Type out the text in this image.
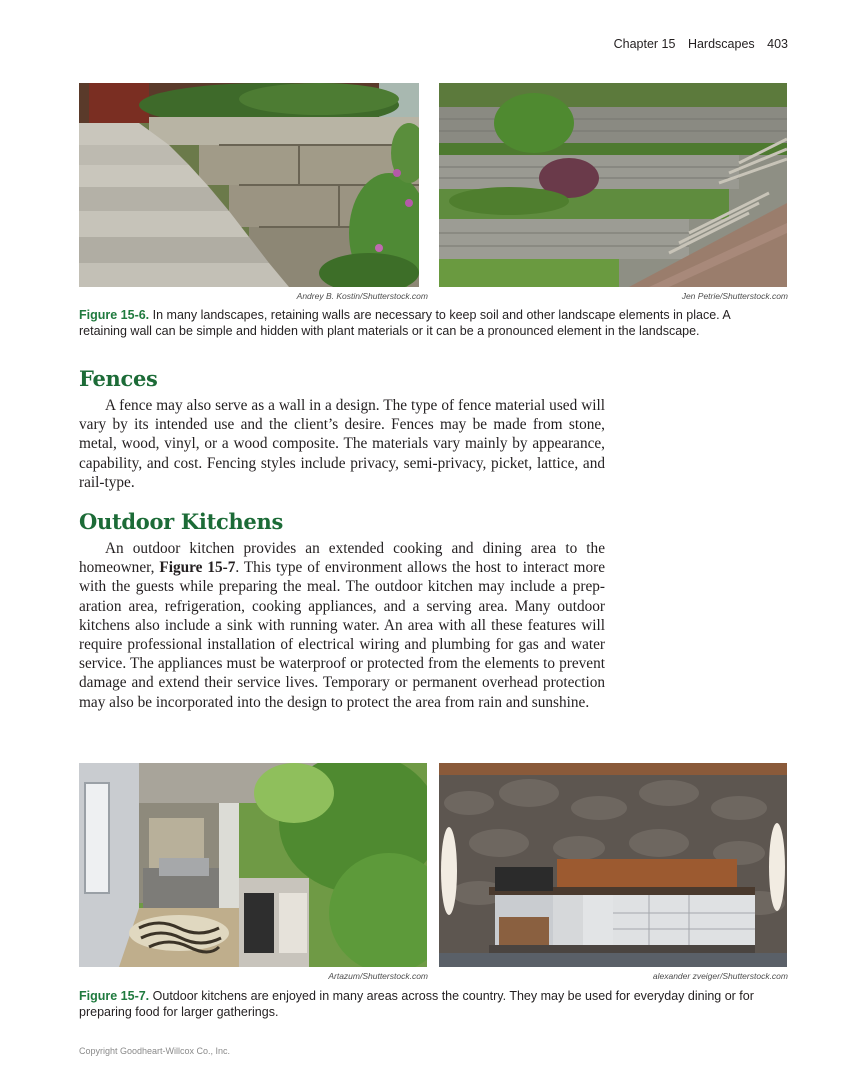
Chapter 15 Hardscapes 403
Andrey B. Kostin/Shutterstock.com	Jen Petrie/Shutterstock.com
Figure 15-6. In many landscapes, retaining walls are necessary to keep soil and other landscape elements in place. A retaining wall can be simple and hidden with plant materials or it can be a pronounced element in the landscape.
Fences

A fence may also serve as a wall in a design. The type of fence material used will vary by its intended use and the client’s desire. Fences may be made from stone, metal, wood, vinyl, or a wood composite. The materials vary mainly by appearance, capability, and cost. Fencing styles include privacy, semi-privacy, picket, lattice, and rail-type.

Outdoor Kitchens

An outdoor kitchen provides an extended cooking and dining area to the homeowner, Figure 15-7. This type of environment allows the host to interact more with the guests while preparing the meal. The outdoor kitchen may include a preparation area, refrigeration, cooking appliances, and a serving area. Many outdoor kitchens also include a sink with running water. An area with all these features will require professional installation of electrical wiring and plumbing for gas and water service. The appliances must be waterproof or protected from the elements to prevent damage and extend their service lives. Temporary or permanent overhead protection may also be incorporated into the design to protect the area from rain and sunshine.

Artazum/Shutterstock.com	alexander zveiger/Shutterstock.com
Figure 15-7. Outdoor kitchens are enjoyed in many areas across the country. They may be used for everyday dining or for preparing food for larger gatherings.
Copyright Goodheart-Willcox Co., Inc.
